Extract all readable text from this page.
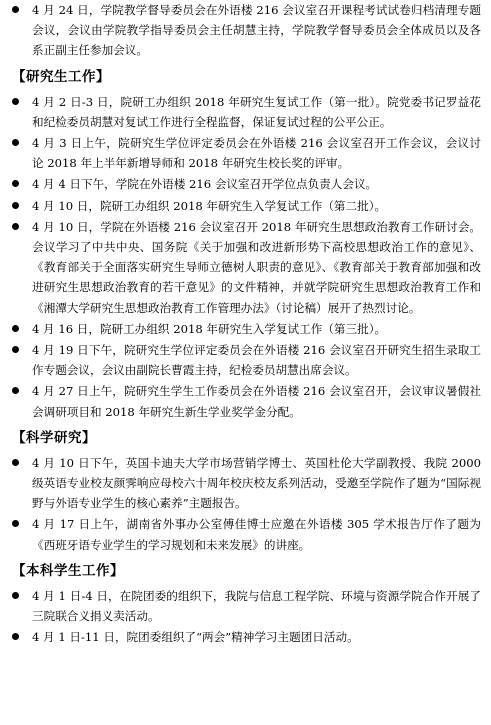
4 月 24 日，学院教学督导委员会在外语楼 216 会议室召开课程考试试卷归档清理专题会议，会议由学院教学指导委员会主任胡慧主持，学院教学督导委员会全体成员以及各系正副主任参加会议。
【研究生工作】
4 月 2 日-3 日，院研工办组织 2018 年研究生复试工作（第一批）。院党委书记罗益花和纪检委员胡慧对复试工作进行全程监督，保证复试过程的公平公正。
4 月 3 日上午，院研究生学位评定委员会在外语楼 216 会议室召开工作会议，会议讨论 2018 年上半年新增导师和 2018 年研究生校长奖的评审。
4 月 4 日下午，学院在外语楼 216 会议室召开学位点负责人会议。
4 月 10 日，院研工办组织 2018 年研究生入学复试工作（第二批）。
4 月 10 日，学院在外语楼 216 会议室召开 2018 年研究生思想政治教育工作研讨会。会议学习了中共中央、国务院《关于加强和改进新形势下高校思想政治工作的意见》、《教育部关于全面落实研究生导师立德树人职责的意见》、《教育部关于教育部加强和改进研究生思想政治教育的若干意见》的文件精神，并就学院研究生思想政治教育工作和《湘潭大学研究生思想政治教育工作管理办法》（讨论稿）展开了热烈讨论。
4 月 16 日，院研工办组织 2018 年研究生入学复试工作（第三批）。
4 月 19 日下午，院研究生学位评定委员会在外语楼 216 会议室召开研究生招生录取工作专题会议，会议由副院长曹霞主持，纪检委员胡慧出席会议。
4 月 27 日上午，院研究生学生工作委员会在外语楼 216 会议室召开，会议审议暑假社会调研项目和 2018 年研究生新生学业奖学金分配。
【科学研究】
4 月 10 日下午，英国卡迪夫大学市场营销学博士、英国杜伦大学副教授、我院 2000 级英语专业校友颜霁响应母校六十周年校庆校友系列活动，受邀至学院作了题为“国际视野与外语专业学生的核心素养”主题报告。
4 月 17 日上午，湖南省外事办公室傅佳博士应邀在外语楼 305 学术报告厅作了题为《西班牙语专业学生的学习规划和未来发展》的讲座。
【本科学生工作】
4 月 1 日-4 日，在院团委的组织下，我院与信息工程学院、环境与资源学院合作开展了三院联合义捐义卖活动。
4 月 1 日-11 日，院团委组织了“两会”精神学习主题团日活动。
